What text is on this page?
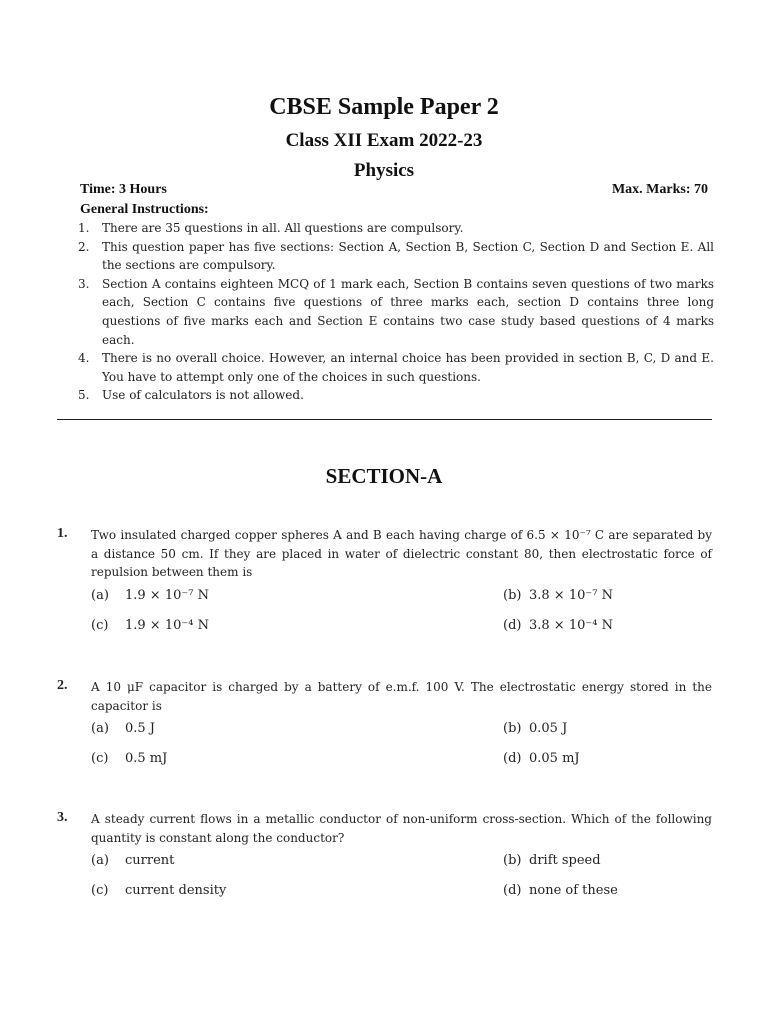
CBSE Sample Paper 2
Class XII Exam 2022-23
Physics
Time: 3 Hours	Max. Marks: 70
General Instructions:
1. There are 35 questions in all. All questions are compulsory.
2. This question paper has five sections: Section A, Section B, Section C, Section D and Section E. All the sections are compulsory.
3. Section A contains eighteen MCQ of 1 mark each, Section B contains seven questions of two marks each, Section C contains five questions of three marks each, section D contains three long questions of five marks each and Section E contains two case study based questions of 4 marks each.
4. There is no overall choice. However, an internal choice has been provided in section B, C, D and E. You have to attempt only one of the choices in such questions.
5. Use of calculators is not allowed.
SECTION-A
1. Two insulated charged copper spheres A and B each having charge of 6.5 × 10⁻⁷ C are separated by a distance 50 cm. If they are placed in water of dielectric constant 80, then electrostatic force of repulsion between them is
(a) 1.9 × 10⁻⁷ N	(b) 3.8 × 10⁻⁷ N
(c) 1.9 × 10⁻⁴ N	(d) 3.8 × 10⁻⁴ N
2. A 10 μF capacitor is charged by a battery of e.m.f. 100 V. The electrostatic energy stored in the capacitor is
(a) 0.5 J	(b) 0.05 J
(c) 0.5 mJ	(d) 0.05 mJ
3. A steady current flows in a metallic conductor of non-uniform cross-section. Which of the following quantity is constant along the conductor?
(a) current	(b) drift speed
(c) current density	(d) none of these
